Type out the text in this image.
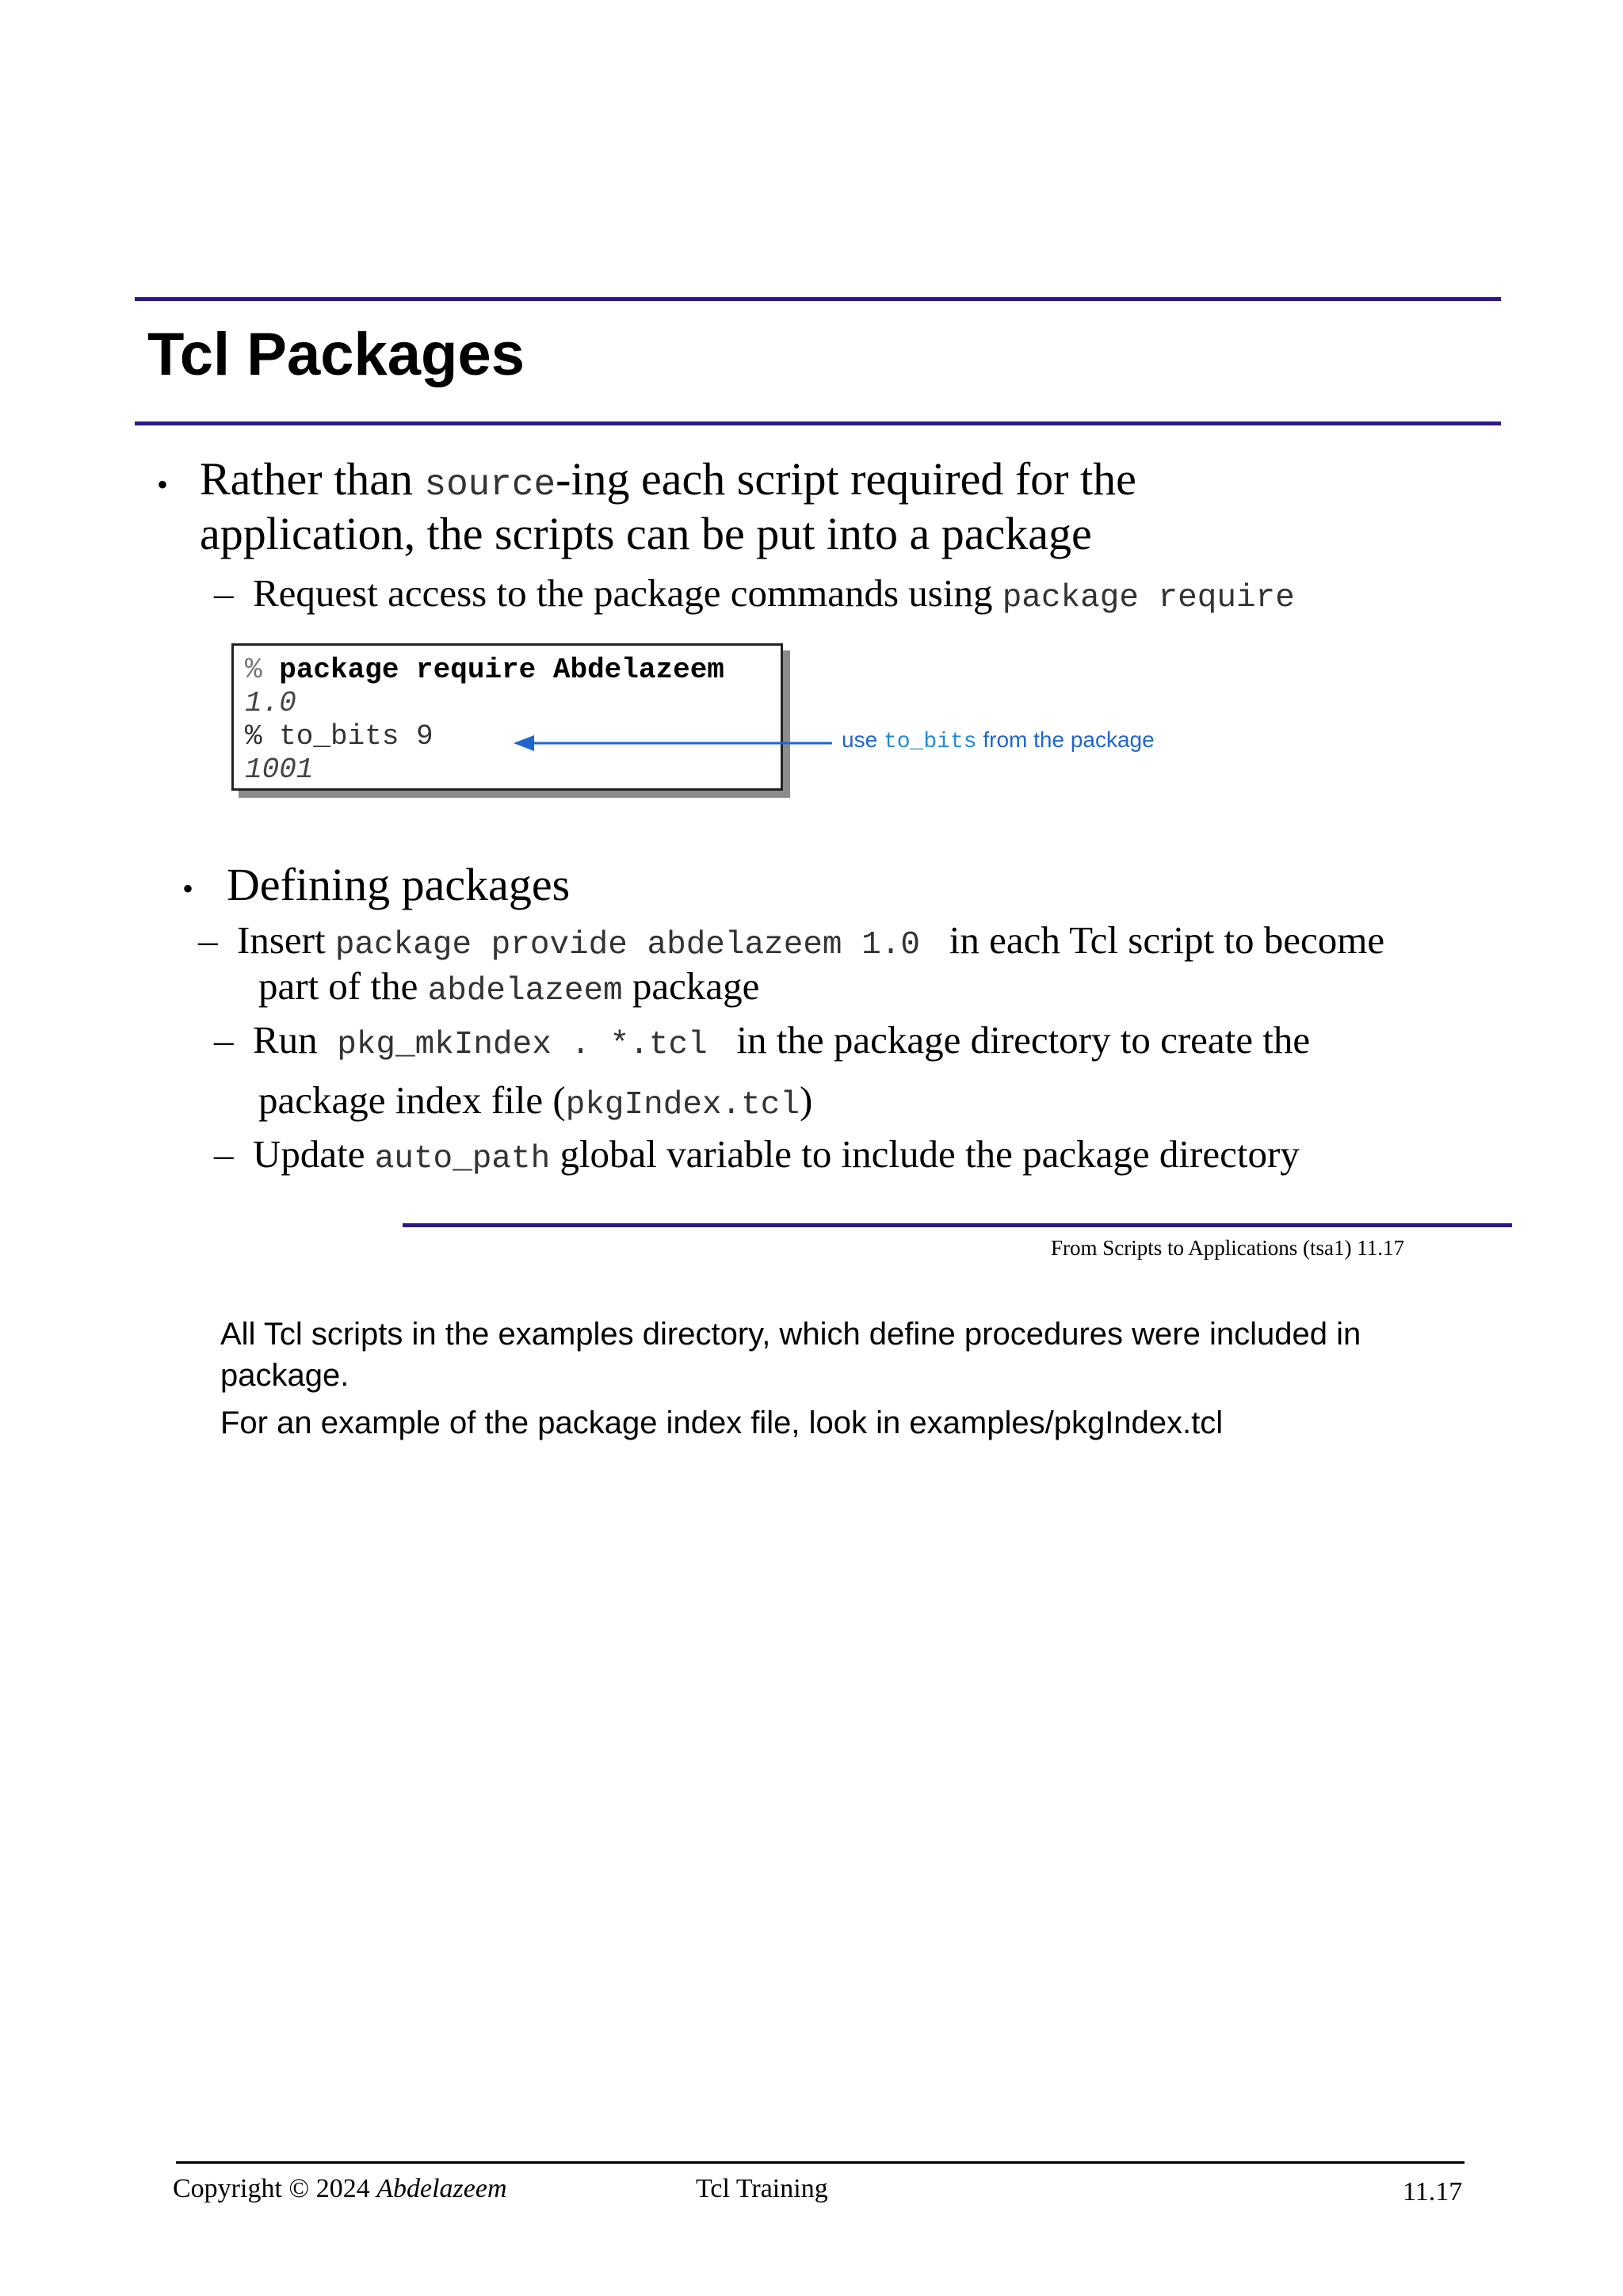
Tcl Packages
• Rather than source-ing each script required for the
application, the scripts can be put into a package
– Request access to the package commands using package require
% package require Abdelazeem
1.0
% to_bits 9
1001
use to_bits from the package
• Defining packages
– Insert package provide abdelazeem 1.0   in each Tcl script to become
part of the abdelazeem package
– Run  pkg_mkIndex . *.tcl   in the package directory to create the
package index file (pkgIndex.tcl)
– Update auto_path global variable to include the package directory
From Scripts to Applications (tsa1) 11.17
All Tcl scripts in the examples directory, which define procedures were included in package.
For an example of the package index file, look in examples/pkgIndex.tcl
Copyright © 2024 Abdelazeem	Tcl Training	11.17
